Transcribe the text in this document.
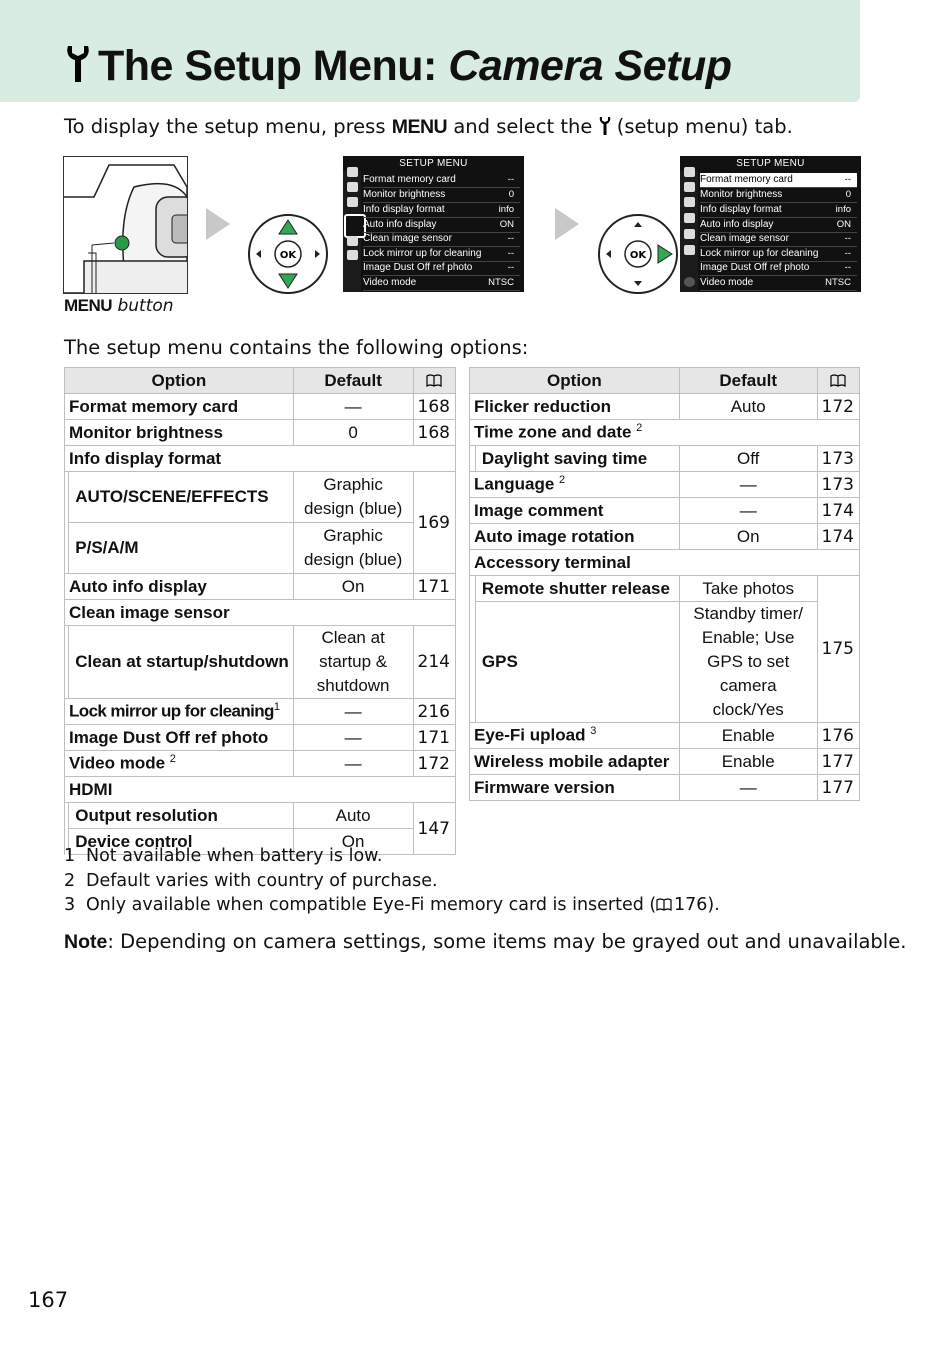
The Setup Menu: Camera Setup
To display the setup menu, press MENU and select the  (setup menu) tab.
MENU button
OK
SETUP MENU
Format memory card	--
Monitor brightness	0
Info display format	info
Auto info display	ON
Clean image sensor	--
Lock mirror up for cleaning	--
Image Dust Off ref photo	--
Video mode	NTSC
OK
SETUP MENU
Format memory card	--
Monitor brightness	0
Info display format	info
Auto info display	ON
Clean image sensor	--
Lock mirror up for cleaning	--
Image Dust Off ref photo	--
Video mode	NTSC
The setup menu contains the following options:
Option		Default	
Format memory card		—	168
Monitor brightness		0	168
Info display format			
	AUTO/SCENE/EFFECTS	Graphic design (blue)	169
	P/S/A/M	Graphic design (blue)	
Auto info display		On	171
Clean image sensor			
	Clean at startup/shutdown	Clean at startup & shutdown	214
Lock mirror up for cleaning$^1$		—	216
Image Dust Off ref photo		—	171
Video mode $^2$		—	172
HDMI			
	Output resolution	Auto	147
	Device control	On	
Option		Default	
Flicker reduction		Auto	172
Time zone and date $^2$
	Daylight saving time	Off	173
Language $^2$		—	173
Image comment		—	174
Auto image rotation		On	174
Accessory terminal			
	Remote shutter release	Take photos	175
	GPS	Standby timer/ Enable; Use GPS to set camera clock/Yes	
Eye-Fi upload $^3$		Enable	176
Wireless mobile adapter		Enable	177
Firmware version		—	177
1 Not available when battery is low.
2 Default varies with country of purchase.
3 Only available when compatible Eye-Fi memory card is inserted (  176).
Note: Depending on camera settings, some items may be grayed out and unavailable.
167
